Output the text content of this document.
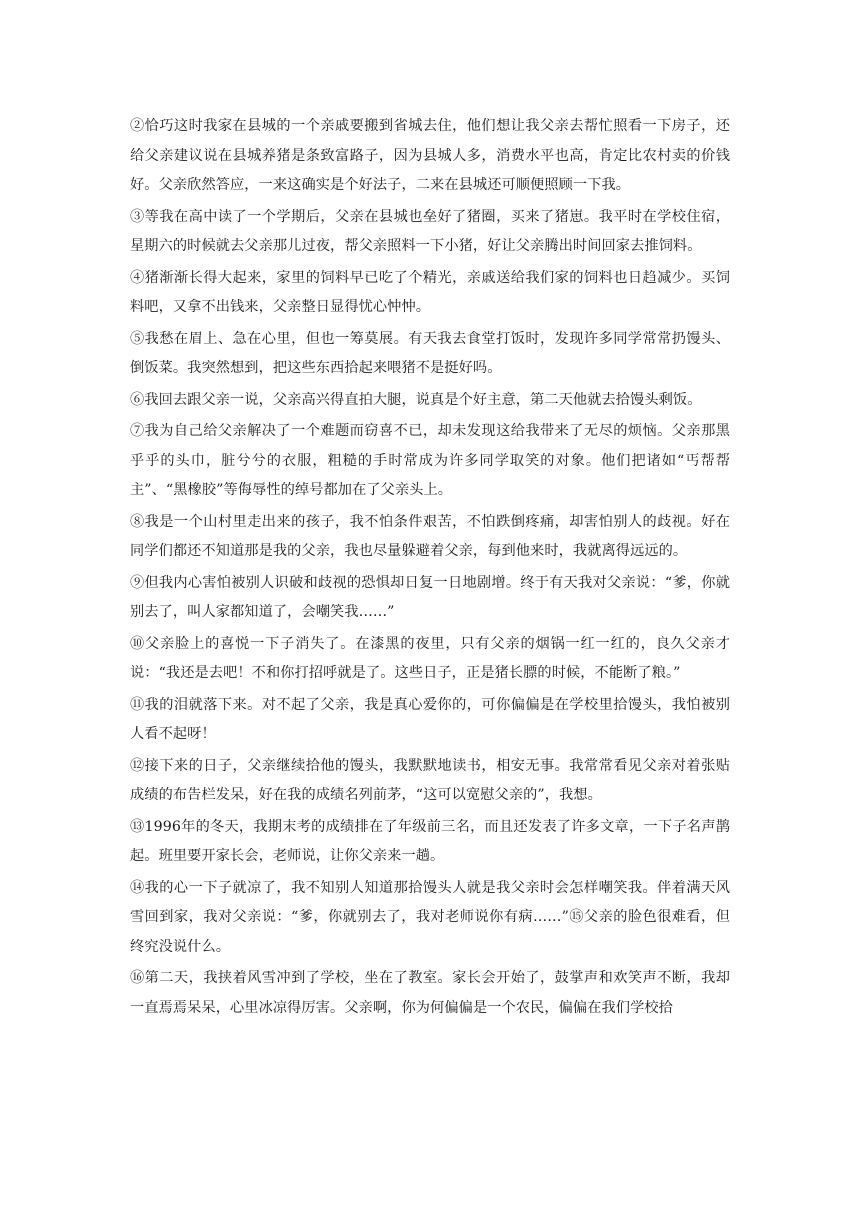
②恰巧这时我家在县城的一个亲戚要搬到省城去住，他们想让我父亲去帮忙照看一下房子，还给父亲建议说在县城养猪是条致富路子，因为县城人多，消费水平也高，肯定比农村卖的价钱好。父亲欣然答应，一来这确实是个好法子，二来在县城还可顺便照顾一下我。

③等我在高中读了一个学期后，父亲在县城也垒好了猪圈，买来了猪崽。我平时在学校住宿，星期六的时候就去父亲那儿过夜，帮父亲照料一下小猪，好让父亲腾出时间回家去推饲料。

④猪渐渐长得大起来，家里的饲料早已吃了个精光，亲戚送给我们家的饲料也日趋减少。买饲料吧，又拿不出钱来，父亲整日显得忧心忡忡。

⑤我愁在眉上、急在心里，但也一筹莫展。有天我去食堂打饭时，发现许多同学常常扔馒头、倒饭菜。我突然想到，把这些东西拾起来喂猪不是挺好吗。

⑥我回去跟父亲一说，父亲高兴得直拍大腿，说真是个好主意，第二天他就去拾馒头剩饭。

⑦我为自己给父亲解决了一个难题而窃喜不已，却未发现这给我带来了无尽的烦恼。父亲那黑乎乎的头巾，脏兮兮的衣服，粗糙的手时常成为许多同学取笑的对象。他们把诸如“丐帮帮主”、“黑橡胶”等侮辱性的绰号都加在了父亲头上。

⑧我是一个山村里走出来的孩子，我不怕条件艰苦，不怕跌倒疼痛，却害怕别人的歧视。好在同学们都还不知道那是我的父亲，我也尽量躲避着父亲，每到他来时，我就离得远远的。

⑨但我内心害怕被别人识破和歧视的恐惧却日复一日地剧增。终于有天我对父亲说：“爹，你就别去了，叫人家都知道了，会嘲笑我……”

⑩父亲脸上的喜悦一下子消失了。在漆黑的夜里，只有父亲的烟锅一红一红的，良久父亲才说：“我还是去吧！不和你打招呼就是了。这些日子，正是猪长膘的时候，不能断了粮。”

⑪我的泪就落下来。对不起了父亲，我是真心爱你的，可你偏偏是在学校里拾馒头，我怕被别人看不起呀！

⑫接下来的日子，父亲继续拾他的馒头，我默默地读书，相安无事。我常常看见父亲对着张贴成绩的布告栏发呆，好在我的成绩名列前茅，“这可以宽慰父亲的”，我想。

⑬1996年的冬天，我期末考的成绩排在了年级前三名，而且还发表了许多文章，一下子名声鹊起。班里要开家长会，老师说，让你父亲来一趟。

⑭我的心一下子就凉了，我不知别人知道那拾馒头人就是我父亲时会怎样嘲笑我。伴着满天风雪回到家，我对父亲说：“爹，你就别去了，我对老师说你有病……”⑮父亲的脸色很难看，但终究没说什么。

⑯第二天，我挟着风雪冲到了学校，坐在了教室。家长会开始了，鼓掌声和欢笑声不断，我却一直焉焉呆呆，心里冰凉得厉害。父亲啊，你为何偏偏是一个农民，偏偏在我们学校拾
